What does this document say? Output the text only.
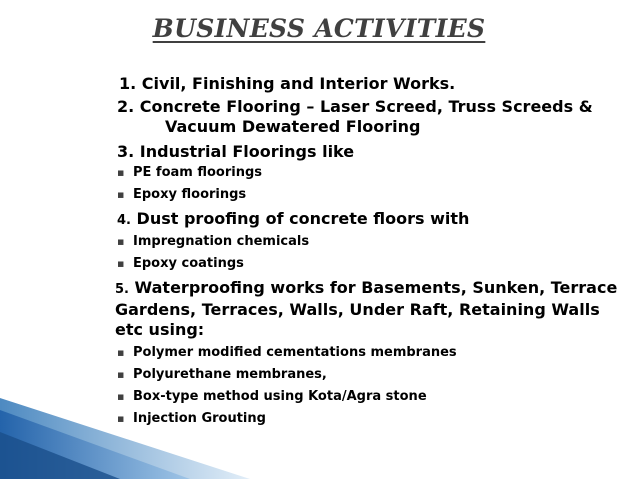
BUSINESS ACTIVITIES
1. Civil, Finishing and Interior Works.
2. Concrete Flooring – Laser Screed, Truss Screeds &
Vacuum Dewatered Flooring
3. Industrial Floorings like
▪ PE foam floorings
▪ Epoxy floorings
4. Dust proofing of concrete floors with
▪ Impregnation chemicals
▪ Epoxy coatings
5. Waterproofing works for Basements, Sunken, Terrace Gardens, Terraces, Walls, Under Raft, Retaining Walls etc using:
▪ Polymer modified cementations membranes
▪ Polyurethane membranes,
▪ Box-type method using Kota/Agra stone
▪ Injection Grouting
